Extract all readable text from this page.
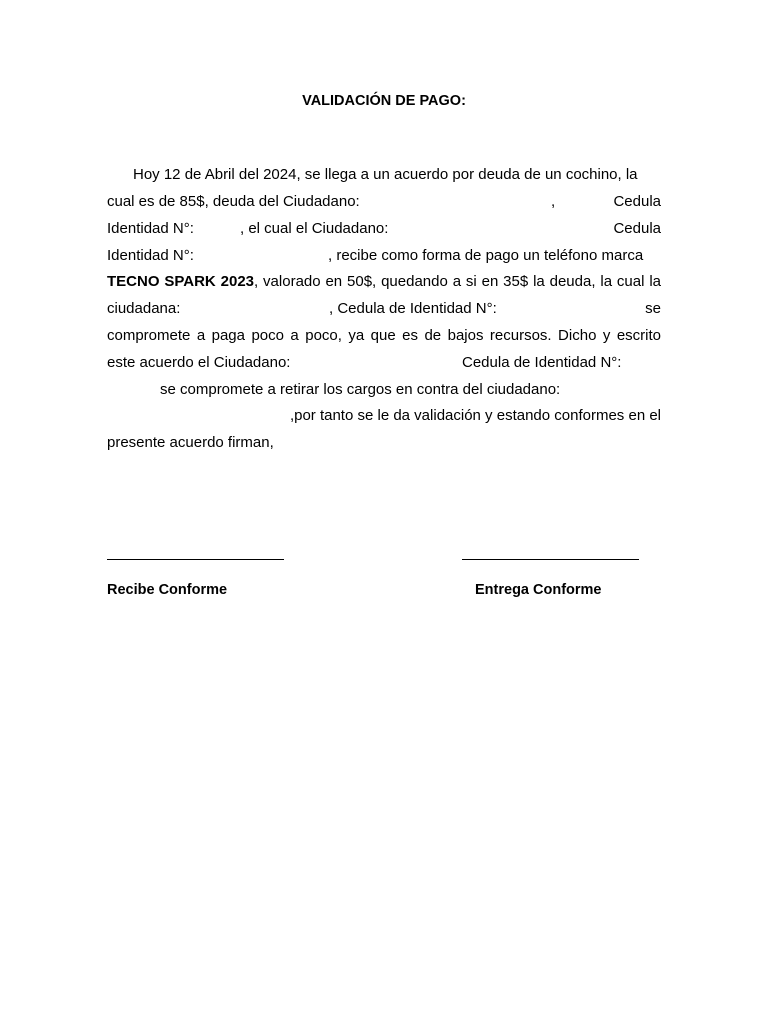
VALIDACIÓN DE PAGO:
Hoy 12 de Abril del 2024, se llega a un acuerdo por deuda de un cochino, la
cual es de 85$, deuda del Ciudadano:	,	Cedula
Identidad N°:	, el cual el Ciudadano:	Cedula
Identidad N°:	, recibe como forma de pago un teléfono marca
TECNO SPARK 2023, valorado en 50$, quedando a si en 35$ la deuda, la cual la
ciudadana:	, Cedula de Identidad N°:	se
compromete a paga poco a poco, ya que es de bajos recursos. Dicho y escrito
este acuerdo el Ciudadano:	Cedula de Identidad N°:
se compromete a retirar los cargos en contra del ciudadano:
,por tanto se le da validación y estando conformes en el
presente acuerdo firman,
Recibe Conforme	Entrega Conforme
